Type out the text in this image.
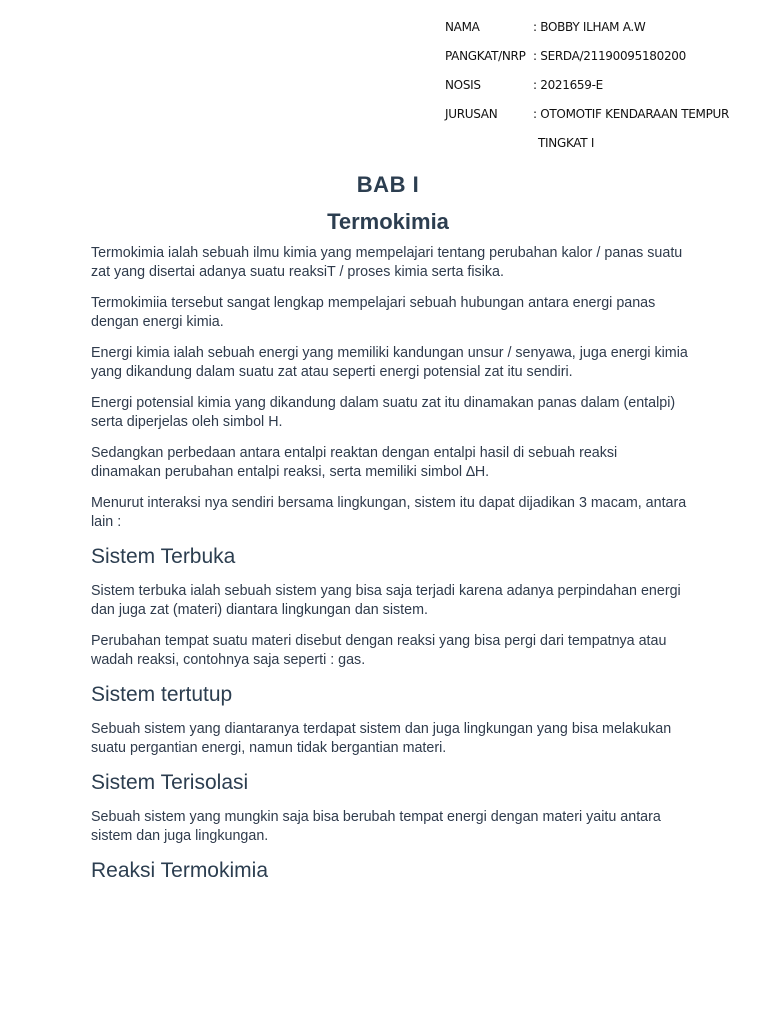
NAMA	: BOBBY ILHAM A.W
PANGKAT/NRP : SERDA/21190095180200
NOSIS	: 2021659-E
JURUSAN	: OTOMOTIF KENDARAAN TEMPUR
TINGKAT I
BAB I
Termokimia

Termokimia ialah sebuah ilmu kimia yang mempelajari tentang perubahan kalor / panas suatu zat yang disertai adanya suatu reaksiT / proses kimia serta fisika.

Termokimiia tersebut sangat lengkap mempelajari sebuah hubungan antara energi panas dengan energi kimia.

Energi kimia ialah sebuah energi yang memiliki kandungan unsur / senyawa, juga energi kimia yang dikandung dalam suatu zat atau seperti energi potensial zat itu sendiri.

Energi potensial kimia yang dikandung dalam suatu zat itu dinamakan panas dalam (entalpi) serta diperjelas oleh simbol H.

Sedangkan perbedaan antara entalpi reaktan dengan entalpi hasil di sebuah reaksi dinamakan perubahan entalpi reaksi, serta memiliki simbol ∆H.

Menurut interaksi nya sendiri bersama lingkungan, sistem itu dapat dijadikan 3 macam, antara lain :

Sistem Terbuka

Sistem terbuka ialah sebuah sistem yang bisa saja terjadi karena adanya perpindahan energi dan juga zat (materi) diantara lingkungan dan sistem.

Perubahan tempat suatu materi disebut dengan reaksi yang bisa pergi dari tempatnya atau wadah reaksi, contohnya saja seperti : gas.

Sistem tertutup

Sebuah sistem yang diantaranya terdapat sistem dan juga lingkungan yang bisa melakukan suatu pergantian energi, namun tidak bergantian materi.

Sistem Terisolasi

Sebuah sistem yang mungkin saja bisa berubah tempat energi dengan materi yaitu antara sistem dan juga lingkungan.

Reaksi Termokimia
